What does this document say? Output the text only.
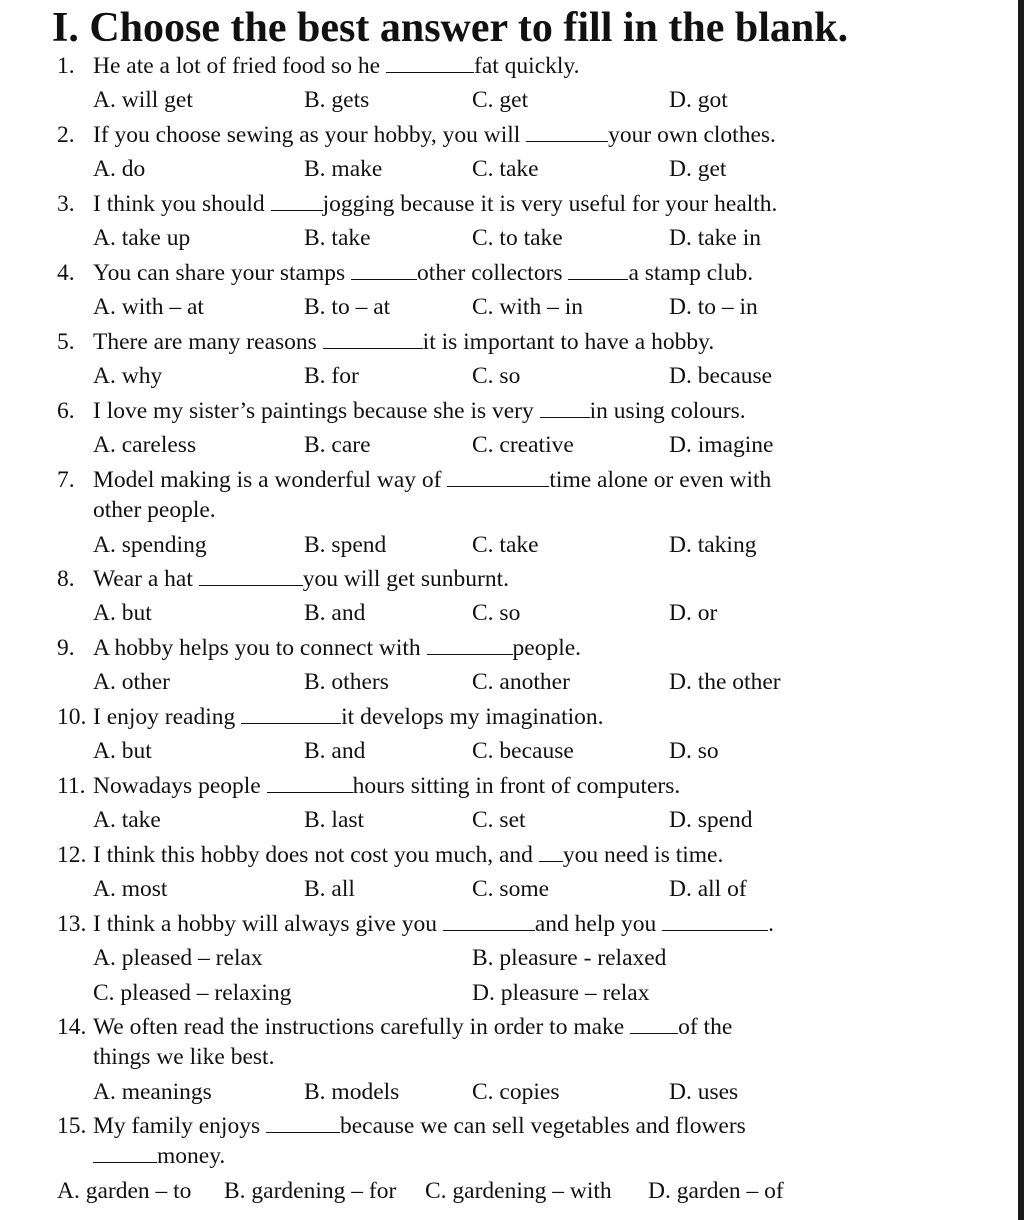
I. Choose the best answer to fill in the blank.
1. He ate a lot of fried food so he	fat quickly.
A. will get	B. gets	C. get	D. got
2. If you choose sewing as your hobby, you will	your own clothes.
A. do	B. make	C. take	D. get
3. I think you should jogging because it is very useful for your health.
A. take up	B. take	C. to take	D. take in
4. You can share your stamps	other collectors	a stamp club.
A. with – at	B. to – at	C. with – in	D. to – in
5. There are many reasons	it is important to have a hobby.
A. why	B. for	C. so	D. because
6. I love my sister’s paintings because she is very in using colours.
A. careless	B. care	C. creative	D. imagine
7. Model making is a wonderful way of	time alone or even with
other people.
A. spending	B. spend	C. take	D. taking
8. Wear a hat	you will get sunburnt.
A. but	B. and	C. so	D. or
9. A hobby helps you to connect with	people.
A. other	B. others	C. another	D. the other
10. I enjoy reading	it develops my imagination.
A. but	B. and	C. because	D. so
11. Nowadays people	hours sitting in front of computers.
A. take	B. last	C. set	D. spend
12. I think this hobby does not cost you much, and you need is time.
A. most	B. all	C. some	D. all of
13. I think a hobby will always give you	and help you	.
A. pleased – relax	B. pleasure - relaxed
C. pleased – relaxing	D. pleasure – relax
14. We often read the instructions carefully in order to make of the
things we like best.
A. meanings	B. models	C. copies	D. uses
15. My family enjoys	because we can sell vegetables and flowers
money.
A. garden – to B. gardening – for C. gardening – with D. garden – of
